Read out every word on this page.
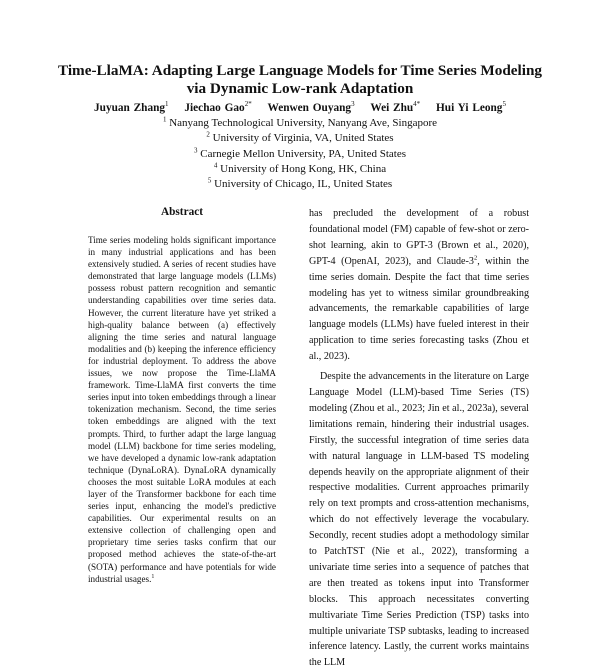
Time-LlaMA: Adapting Large Language Models for Time Series Modeling
via Dynamic Low-rank Adaptation
Juyuan Zhang$^1$ Jiechao Gao$^{2*}$ Wenwen Ouyang$^3$ Wei Zhu$^{4*}$ Hui Yi Leong$^5$
$^1$ Nanyang Technological University, Nanyang Ave, Singapore
$^2$ University of Virginia, VA, United States
$^3$ Carnegie Mellon University, PA, United States
$^4$ University of Hong Kong, HK, China
$^5$ University of Chicago, IL, United States
Abstract
Time series modeling holds significant importance in many industrial applications and has been extensively studied. A series of recent studies have demonstrated that large language models (LLMs) possess robust pattern recognition and semantic understanding capabilities over time series data. However, the current literature have yet striked a high-quality balance between (a) effectively aligning the time series and natural language modalities and (b) keeping the inference efficiency for industrial deployment. To address the above issues, we now propose the Time-LlaMA framework. Time-LlaMA first converts the time series input into token embeddings through a linear tokenization mechanism. Second, the time series token embeddings are aligned with the text prompts. Third, to further adapt the large languag model (LLM) backbone for time series modeling, we have developed a dynamic low-rank adaptation technique (DynaLoRA). DynaLoRA dynamically chooses the most suitable LoRA modules at each layer of the Transformer backbone for each time series input, enhancing the model's predictive capabilities. Our experimental results on an extensive collection of challenging open and proprietary time series tasks confirm that our proposed method achieves the state-of-the-art (SOTA) performance and have potentials for wide industrial usages.$^1$

has precluded the development of a robust foundational model (FM) capable of few-shot or zero-shot learning, akin to GPT-3 (Brown et al., 2020), GPT-4 (OpenAI, 2023), and Claude-$3^2$, within the time series domain. Despite the fact that time series modeling has yet to witness similar groundbreaking advancements, the remarkable capabilities of large language models (LLMs) have fueled interest in their application to time series forecasting tasks (Zhou et al., 2023).

Despite the advancements in the literature on Large Language Model (LLM)-based Time Series (TS) modeling (Zhou et al., 2023; Jin et al., 2023a), several limitations remain, hindering their industrial usages. Firstly, the successful integration of time series data with natural language in LLM-based TS modeling depends heavily on the appropriate alignment of their respective modalities. Current approaches primarily rely on text prompts and cross-attention mechanisms, which do not effectively leverage the vocabulary. Secondly, recent studies adopt a methodology similar to PatchTST (Nie et al., 2022), transforming a univariate time series into a sequence of patches that are then treated as tokens input into Transformer blocks. This approach necessitates converting multivariate Time Series Prediction (TSP) tasks into multiple univariate TSP subtasks, leading to increased inference latency. Lastly, the current works maintains the LLM
